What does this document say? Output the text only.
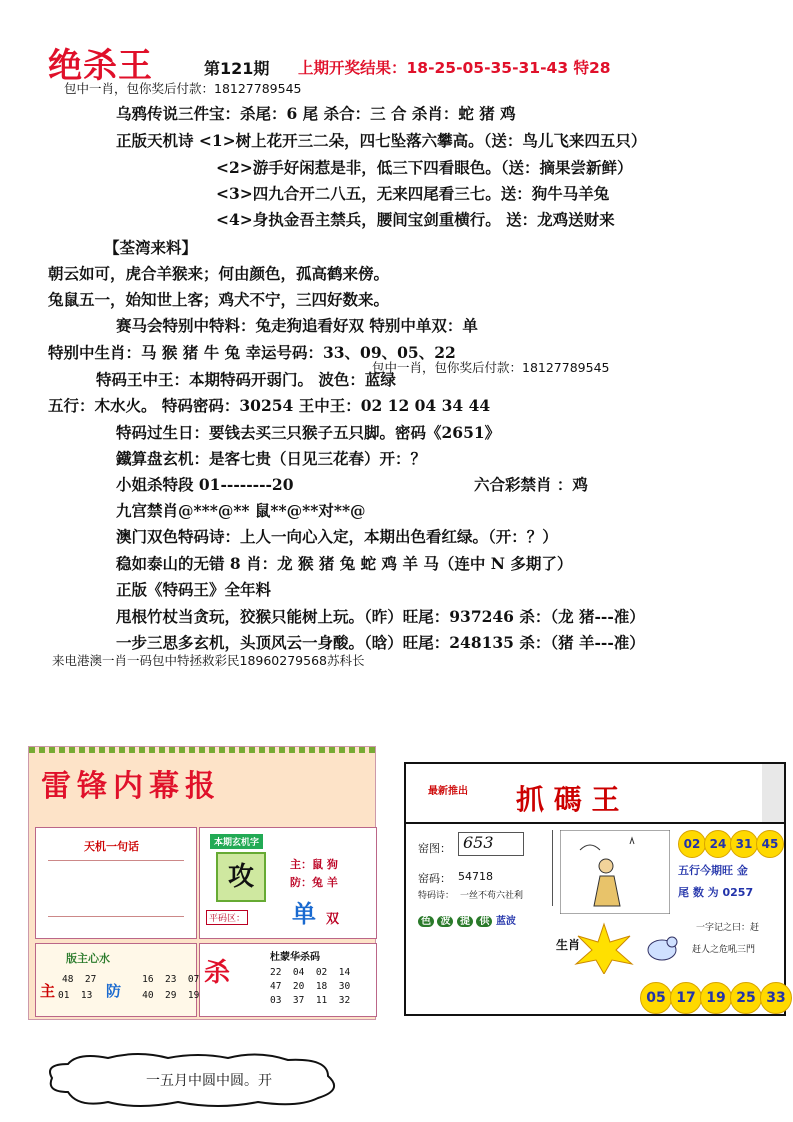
绝杀王	第121期 上期开奖结果：18-25-05-35-31-43 特28
包中一肖，包你奖后付款：18127789545
乌鸦传说三件宝：杀尾：6 尾 杀合：三 合 杀肖：蛇 猪 鸡
正版天机诗 <1>树上花开三二朵，四七坠落六攀高。（送：鸟儿飞来四五只）
<2>游手好闲惹是非，低三下四看眼色。（送：摘果尝新鲜）
<3>四九合开二八五，无来四尾看三七。送：狗牛马羊兔
<4>身执金吾主禁兵，腰间宝剑重横行。 送：龙鸡送财来
【荃湾来料】
朝云如可，虎合羊猴来；何由颜色，孤高鹤来傍。
兔鼠五一，始知世上客；鸡犬不宁，三四好数来。
赛马会特别中特料：兔走狗追看好双 特别中单双：单
特别中生肖：马 猴 猪 牛 兔 幸运号码：33、09、05、22
特码王中王：本期特码开弱门。 波色：蓝绿
包中一肖，包你奖后付款：18127789545
五行：木水火。 特码密码：30254 王中王：02 12 04 34 44
特码过生日：要钱去买三只猴子五只脚。密码《2651》
鐵算盘玄机：是客七贵（日见三花春）开：？
小姐杀特段 01--------20	六合彩禁肖 ：鸡
九宫禁肖@***@** 鼠**@**对**@
澳门双色特码诗：上人一向心入定，本期出色看红绿。（开：？）
稳如泰山的无错 8 肖：龙 猴 猪 兔 蛇 鸡 羊 马（连中 N 多期了）
正版《特码王》全年料
甩根竹杖当贪玩，狡猴只能树上玩。（昨）旺尾：937246 杀：（龙 猪---准）
一步三思多玄机，头顶风云一身酸。（晗）旺尾：248135 杀：（猪 羊---准）
来电港澳一肖一码包中特拯救彩民18960279568苏科长
雷锋内幕报
天机一句话	本期玄机字
攻	主：鼠 狗
防：兔 羊
平码区： 单 双
版主心水
主	防
48 27	16 23 07
01 13	40 29 19
杀
杜蒙华杀码
22 04 02 14
47 20 18 30
03 37 11 32
最新推出 抓 碼 王
窑图： 653
窑码： 54718
特码诗： 一丝不苟六社利
02 24 31 45
五行今期旺 金
尾 数 为 0257
色 波 提 供 蓝波
生肖
一字记之曰：赶
赶人之危吼三門
05 17 19 25 33
一五月中圆中圆。开
